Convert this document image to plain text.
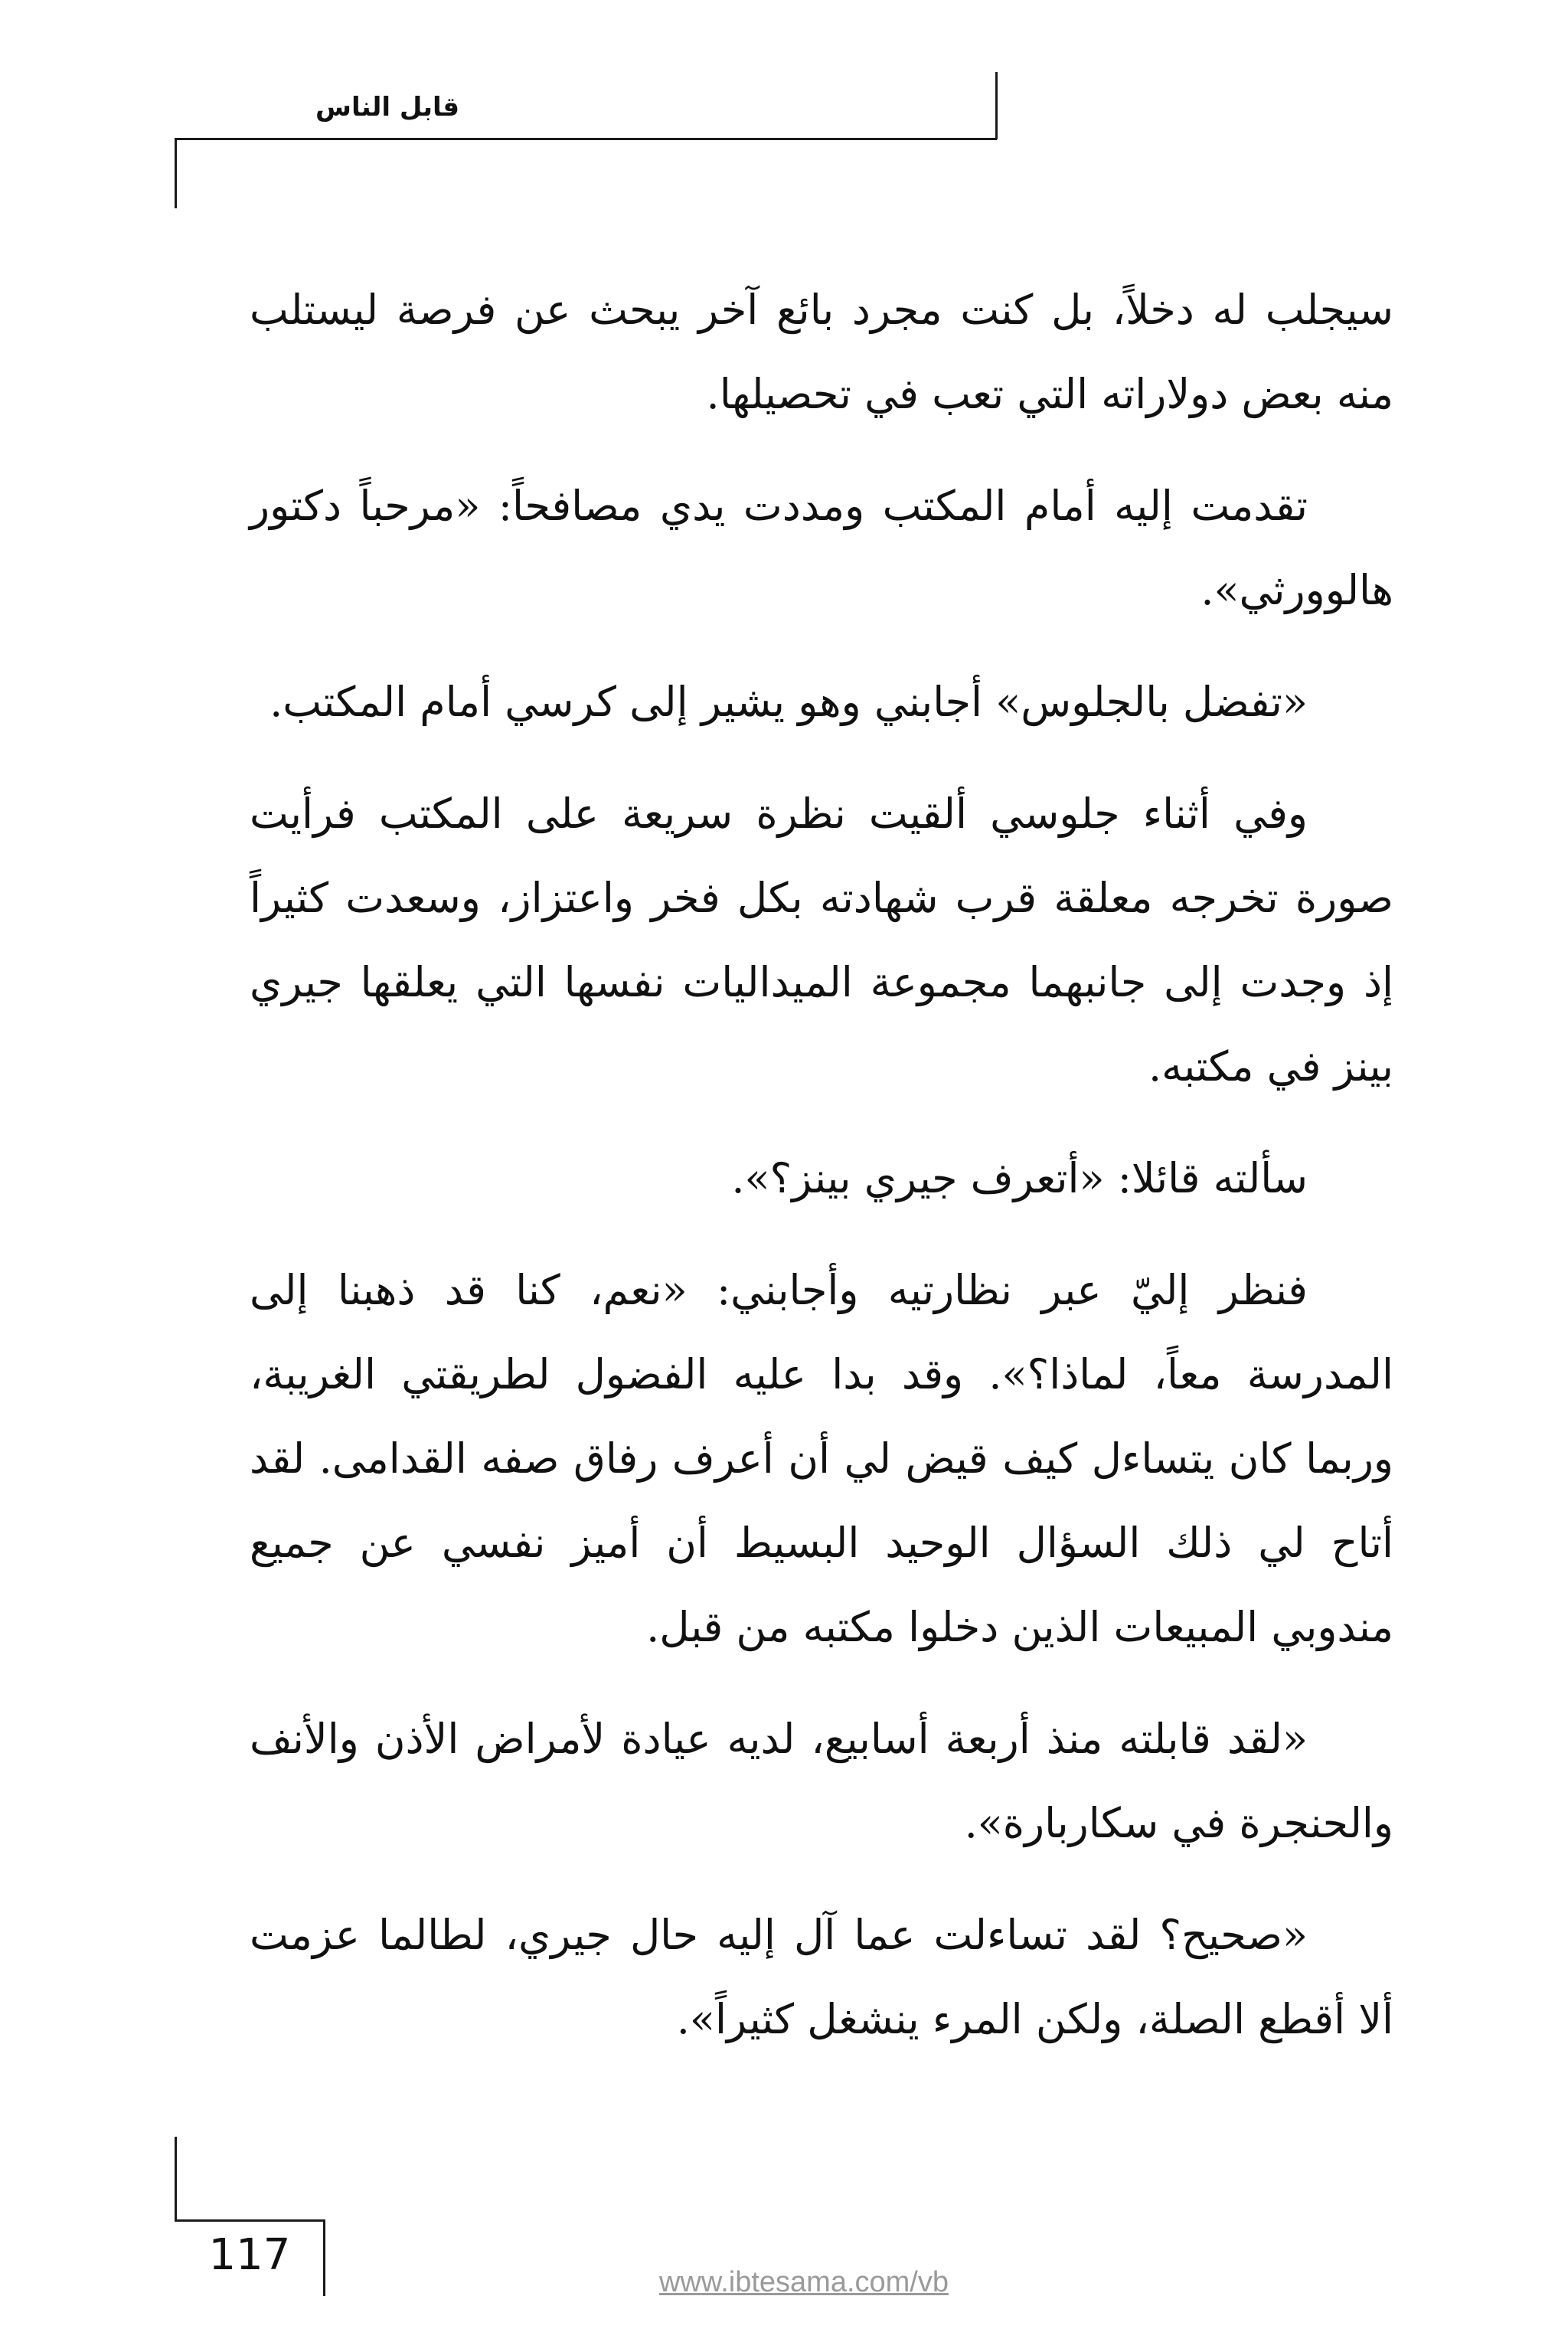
قابل الناس

سيجلب له دخلاً، بل كنت مجرد بائع آخر يبحث عن فرصة ليستلب منه بعض دولاراته التي تعب في تحصيلها.

تقدمت إليه أمام المكتب ومددت يدي مصافحاً: «مرحباً دكتور هالوورثي».

«تفضل بالجلوس» أجابني وهو يشير إلى كرسي أمام المكتب.

وفي أثناء جلوسي ألقيت نظرة سريعة على المكتب فرأيت صورة تخرجه معلقة قرب شهادته بكل فخر واعتزاز، وسعدت كثيراً إذ وجدت إلى جانبهما مجموعة الميداليات نفسها التي يعلقها جيري بينز في مكتبه.

سألته قائلا: «أتعرف جيري بينز؟».

فنظر إليّ عبر نظارتيه وأجابني: «نعم، كنا قد ذهبنا إلى المدرسة معاً، لماذا؟». وقد بدا عليه الفضول لطريقتي الغريبة، وربما كان يتساءل كيف قيض لي أن أعرف رفاق صفه القدامى. لقد أتاح لي ذلك السؤال الوحيد البسيط أن أميز نفسي عن جميع مندوبي المبيعات الذين دخلوا مكتبه من قبل.

«لقد قابلته منذ أربعة أسابيع، لديه عيادة لأمراض الأذن والأنف والحنجرة في سكاربارة».

«صحيح؟ لقد تساءلت عما آل إليه حال جيري، لطالما عزمت ألا أقطع الصلة، ولكن المرء ينشغل كثيراً».

117
www.ibtesama.com/vb
